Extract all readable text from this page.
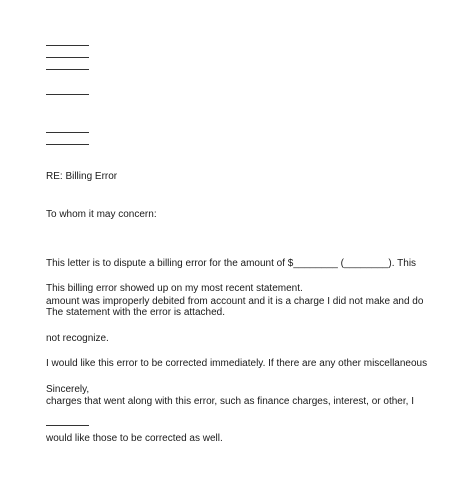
RE: Billing Error
To whom it may concern:

This letter is to dispute a billing error for the amount of $________ (________). This

amount was improperly debited from account and it is a charge I did not make and do

not recognize.

This billing error showed up on my most recent statement.
The statement with the error is attached.

I would like this error to be corrected immediately. If there are any other miscellaneous

charges that went along with this error, such as finance charges, interest, or other, I

would like those to be corrected as well.

Sincerely,
